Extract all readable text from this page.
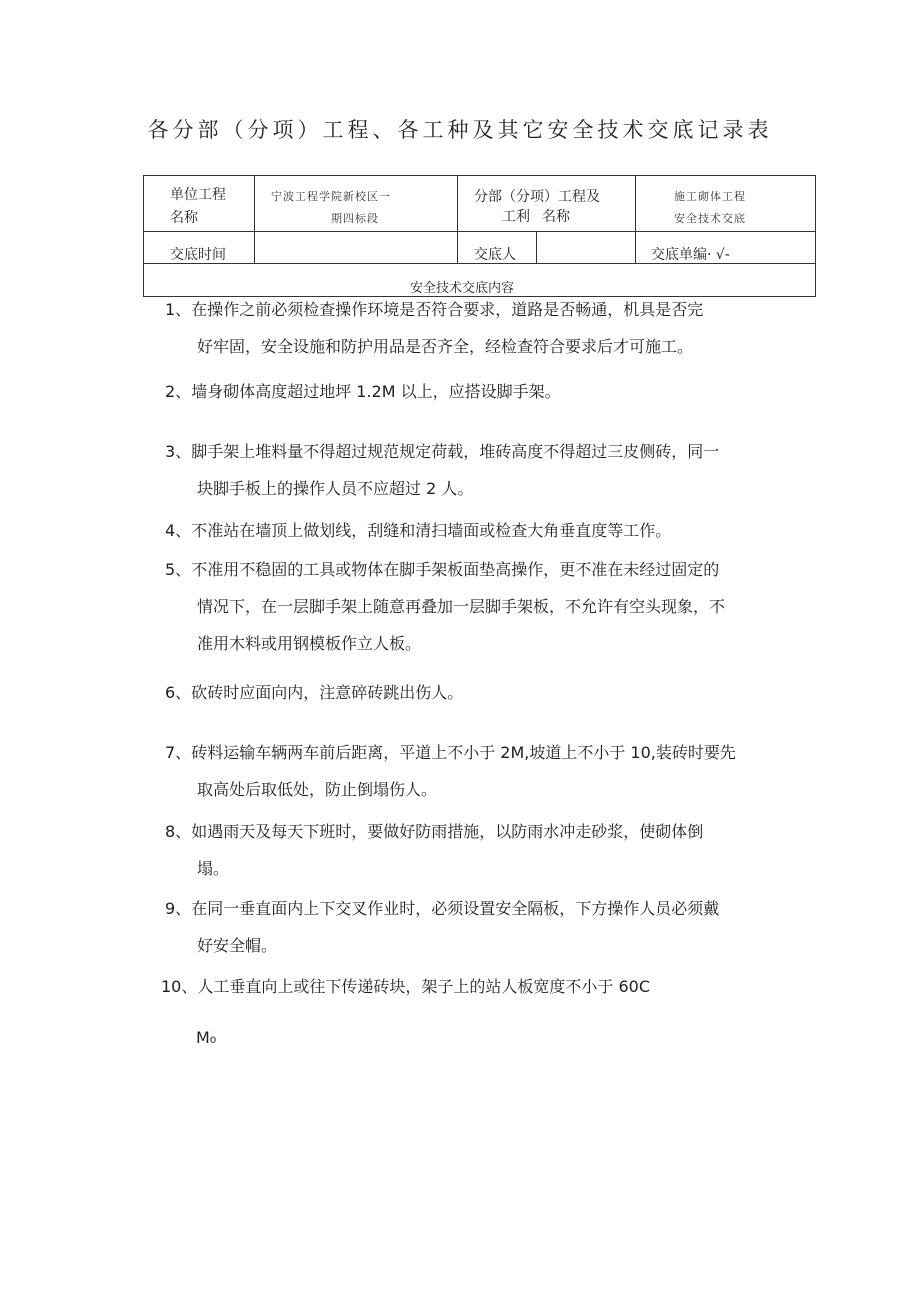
各分部（分项）工程、各工种及其它安全技术交底记录表
单位工程
名称
宁波工程学院新校区一
期四标段
分部（分项）工程及
工利 名称
施工砌体工程
安全技术交底
交底时间	交底人	交底单编· √-
安全技术交底内容
1、在操作之前必须检查操作环境是否符合要求，道路是否畅通，机具是否完
好牢固，安全设施和防护用品是否齐全，经检查符合要求后才可施工。
2、墙身砌体高度超过地坪 1.2M 以上，应搭设脚手架。
3、脚手架上堆料量不得超过规范规定荷载，堆砖高度不得超过三皮侧砖，同一
块脚手板上的操作人员不应超过 2 人。
4、不准站在墙顶上做划线，刮缝和清扫墙面或检查大角垂直度等工作。
5、不准用不稳固的工具或物体在脚手架板面垫高操作，更不准在未经过固定的
情况下，在一层脚手架上随意再叠加一层脚手架板，不允许有空头现象，不
准用木料或用钢模板作立人板。
6、砍砖时应面向内，注意碎砖跳出伤人。
7、砖料运输车辆两车前后距离，平道上不小于 2M,坡道上不小于 10,装砖时要先
取高处后取低处，防止倒塌伤人。
8、如遇雨天及每天下班时，要做好防雨措施，以防雨水冲走砂浆，使砌体倒
塌。
9、在同一垂直面内上下交叉作业时，必须设置安全隔板，下方操作人员必须戴
好安全帽。
10、人工垂直向上或往下传递砖块，架子上的站人板宽度不小于 60C
M₀
